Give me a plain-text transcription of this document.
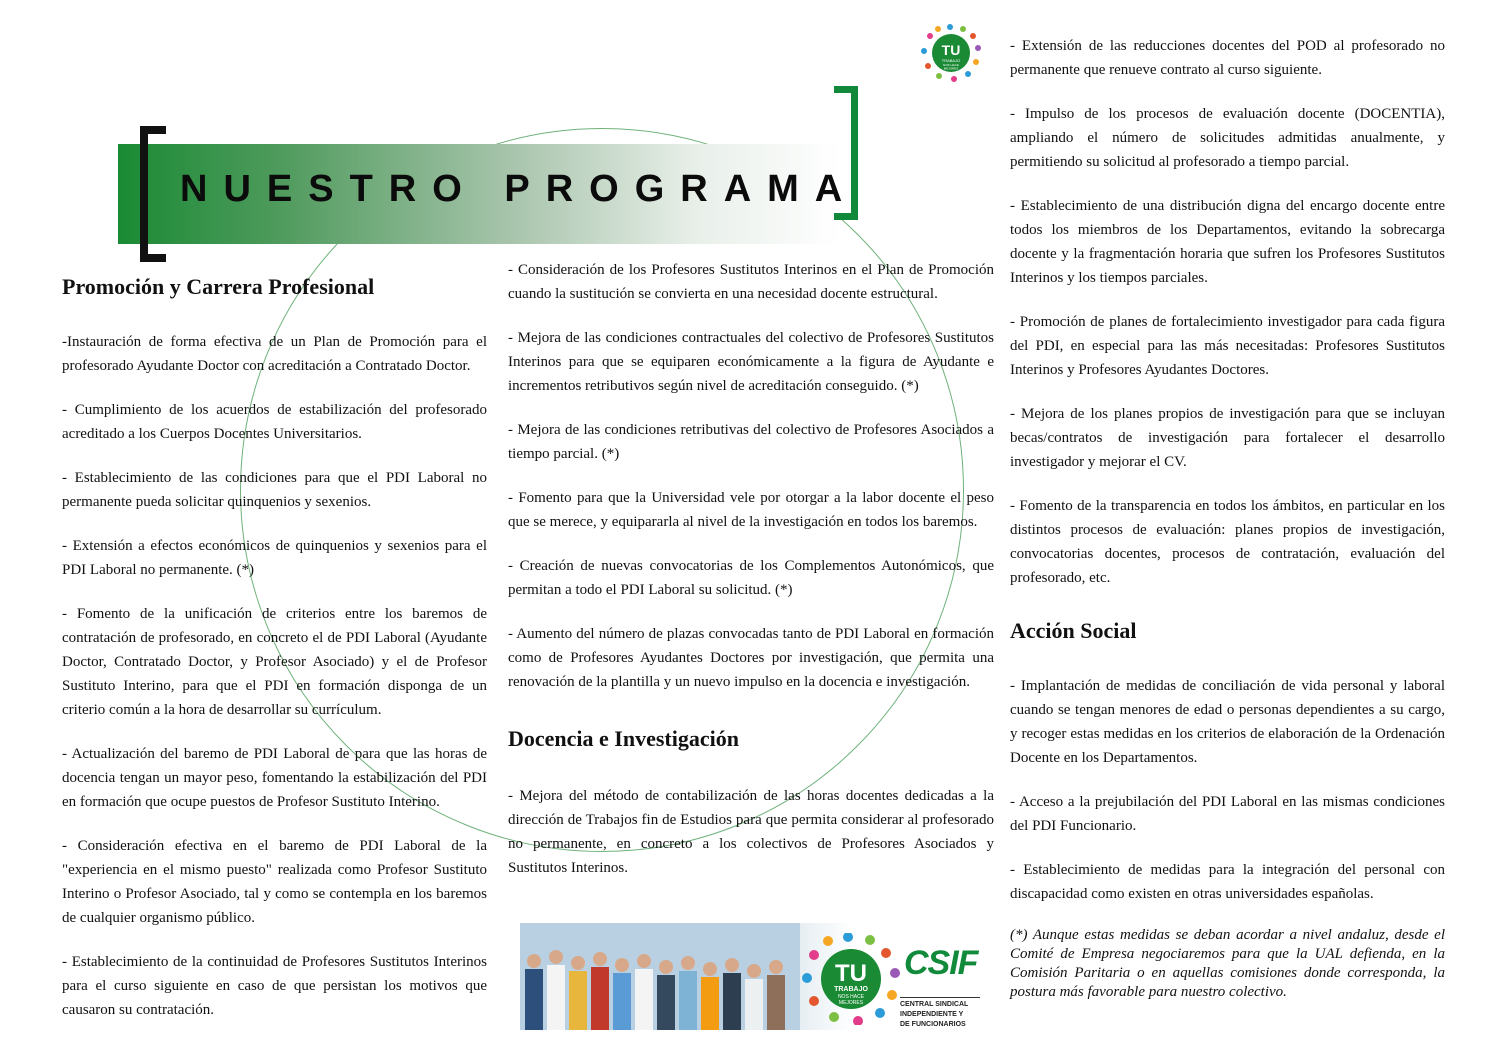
NUESTRO PROGRAMA
TU
TRABAJO
NOS HACE
MEJORES
Promoción y Carrera Profesional

-Instauración de forma efectiva de un Plan de Promoción para el profesorado Ayudante Doctor con acreditación a Contratado Doctor.

- Cumplimiento de los acuerdos de estabilización del profesorado acreditado a los Cuerpos Docentes Universitarios.

- Establecimiento de las condiciones para que el PDI Laboral no permanente pueda solicitar quinquenios y sexenios.

- Extensión a efectos económicos de quinquenios y sexenios para el PDI Laboral no permanente. (*)

- Fomento de la unificación de criterios entre los baremos de contratación de profesorado, en concreto el de PDI Laboral (Ayudante Doctor, Contratado Doctor, y Profesor Asociado) y el de Profesor Sustituto Interino, para que el PDI en formación disponga de un criterio común a la hora de desarrollar su currículum.

- Actualización del baremo de PDI Laboral de para que las horas de docencia tengan un mayor peso, fomentando la estabilización del PDI en formación que ocupe puestos de Profesor Sustituto Interino.

- Consideración efectiva en el baremo de PDI Laboral de la "experiencia en el mismo puesto" realizada como Profesor Sustituto Interino o Profesor Asociado, tal y como se contempla en los baremos de cualquier organismo público.

- Establecimiento de la continuidad de Profesores Sustitutos Interinos para el curso siguiente en caso de que persistan los motivos que causaron su contratación.

- Consideración de los Profesores Sustitutos Interinos en el Plan de Promoción cuando la sustitución se convierta en una necesidad docente estructural.

- Mejora de las condiciones contractuales del colectivo de Profesores Sustitutos Interinos para que se equiparen económicamente a la figura de Ayudante e incrementos retributivos según nivel de acreditación conseguido. (*)

- Mejora de las condiciones retributivas del colectivo de Profesores Asociados a tiempo parcial. (*)

- Fomento para que la Universidad vele por otorgar a la labor docente el peso que se merece, y equipararla al nivel de la investigación en todos los baremos.

- Creación de nuevas convocatorias de los Complementos Autonómicos, que permitan a todo el PDI Laboral su solicitud. (*)

- Aumento del número de plazas convocadas tanto de PDI Laboral en formación como de Profesores Ayudantes Doctores por investigación, que permita una renovación de la plantilla y un nuevo impulso en la docencia e investigación.

Docencia e Investigación

- Mejora del método de contabilización de las horas docentes dedicadas a la dirección de Trabajos fin de Estudios para que permita considerar al profesorado no permanente, en concreto a los colectivos de Profesores Asociados y Sustitutos Interinos.

- Extensión de las reducciones docentes del POD al profesorado no permanente que renueve contrato al curso siguiente.

- Impulso de los procesos de evaluación docente (DOCENTIA), ampliando el número de solicitudes admitidas anualmente, y permitiendo su solicitud al profesorado a tiempo parcial.

- Establecimiento de una distribución digna del encargo docente entre todos los miembros de los Departamentos, evitando la sobrecarga docente y la fragmentación horaria que sufren los Profesores Sustitutos Interinos y los tiempos parciales.

- Promoción de planes de fortalecimiento investigador para cada figura del PDI, en especial para las más necesitadas: Profesores Sustitutos Interinos y Profesores Ayudantes Doctores.

- Mejora de los planes propios de investigación para que se incluyan becas/contratos de investigación para fortalecer el desarrollo investigador y mejorar el CV.

- Fomento de la transparencia en todos los ámbitos, en particular en los distintos procesos de evaluación: planes propios de investigación, convocatorias docentes, procesos de contratación, evaluación del profesorado, etc.

Acción Social

- Implantación de medidas de conciliación de vida personal y laboral cuando se tengan menores de edad o personas dependientes a su cargo, y recoger estas medidas en los criterios de elaboración de la Ordenación Docente en los Departamentos.

- Acceso a la prejubilación del PDI Laboral en las mismas condiciones del PDI Funcionario.

- Establecimiento de medidas para la integración del personal con discapacidad como existen en otras universidades españolas.

(*) Aunque estas medidas se deban acordar a nivel andaluz, desde el Comité de Empresa negociaremos para que la UAL defienda, en la Comisión Paritaria o en aquellas comisiones donde corresponda, la postura más favorable para nuestro colectivo.

TU
TRABAJO
NOS HACE
MEJORES
CSIF
CENTRAL SINDICAL
INDEPENDIENTE Y
DE FUNCIONARIOS
